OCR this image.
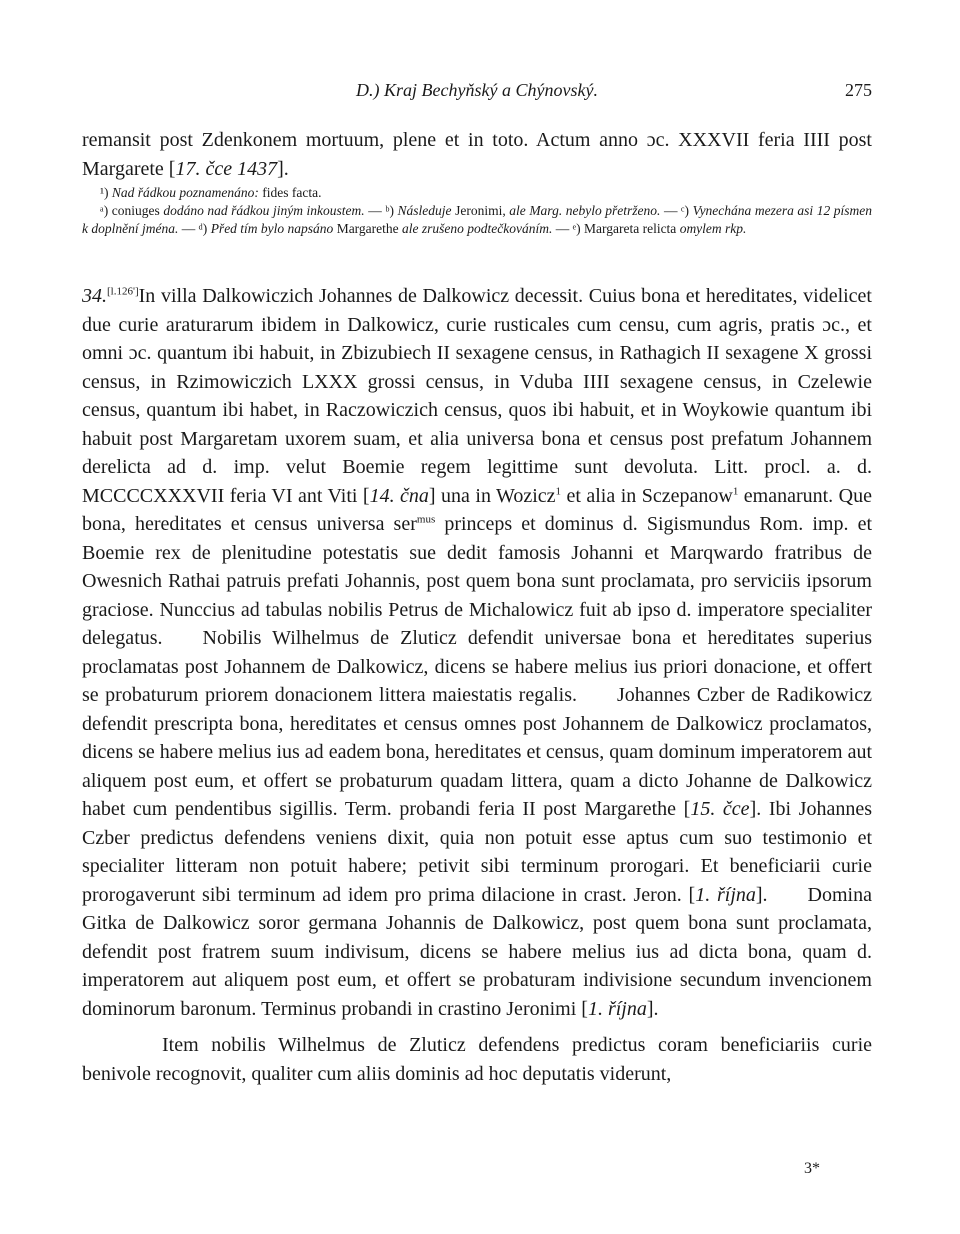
D.) Kraj Bechyňský a Chýnovský.	275
remansit post Zdenkonem mortuum, plene et in toto. Actum anno ɔc. XXXVII feria IIII post Margarete [17. čce 1437].

¹) Nad řádkou poznamenáno: fides facta.

ᵃ) coniuges dodáno nad řádkou jiným inkoustem. — ᵇ) Následuje Jeronimi, ale Marg. nebylo přetrženo. — ᶜ) Vynechána mezera asi 12 písmen k doplnění jména. — ᵈ) Před tím bylo napsáno Margarethe ale zrušeno podtečkováním. — ᵉ) Margareta relicta omylem rkp.

34.[l.126']In villa Dalkowiczich Johannes de Dalkowicz decessit. Cuius bona et hereditates, videlicet due curie araturarum ibidem in Dalkowicz, curie rusticales cum censu, cum agris, pratis ɔc., et omni ɔc. quantum ibi habuit, in Zbizubiech II sexagene census, in Rathagich II sexagene X grossi census, in Rzimowiczich LXXX grossi census, in Vduba IIII sexagene census, in Czelewie census, quantum ibi habet, in Raczowiczich census, quos ibi habuit, et in Woykowie quantum ibi habuit post Margaretam uxorem suam, et alia universa bona et census post prefatum Johannem derelicta ad d. imp. velut Boemie regem legittime sunt devoluta. Litt. procl. a. d. MCCCCXXXVII feria VI ant Viti [14. čna] una in Wozicz$^1$ et alia in Sczepanow$^1$ emanarunt. Que bona, hereditates et census universa ser$^{mus}$ princeps et dominus d. Sigismundus Rom. imp. et Boemie rex de plenitudine potestatis sue dedit famosis Johanni et Marqwardo fratribus de Owesnich Rathai patruis prefati Johannis, post quem bona sunt proclamata, pro serviciis ipsorum graciose. Nunccius ad tabulas nobilis Petrus de Michalowicz fuit ab ipso d. imperatore specialiter delegatus. Nobilis Wilhelmus de Zluticz defendit universae bona et hereditates superius proclamatas post Johannem de Dalkowicz, dicens se habere melius ius priori donacione, et offert se probaturum priorem donacionem littera maiestatis regalis. Johannes Czber de Radikowicz defendit prescripta bona, hereditates et census omnes post Johannem de Dalkowicz proclamatos, dicens se habere melius ius ad eadem bona, hereditates et census, quam dominum imperatorem aut aliquem post eum, et offert se probaturum quadam littera, quam a dicto Johanne de Dalkowicz habet cum pendentibus sigillis. Term. probandi feria II post Margarethe [15. čce]. Ibi Johannes Czber predictus defendens veniens dixit, quia non potuit esse aptus cum suo testimonio et specialiter litteram non potuit habere; petivit sibi terminum prorogari. Et beneficiarii curie prorogaverunt sibi terminum ad idem pro prima dilacione in crast. Jeron. [1. října]. Domina Gitka de Dalkowicz soror germana Johannis de Dalkowicz, post quem bona sunt proclamata, defendit post fratrem suum indivisum, dicens se habere melius ius ad dicta bona, quam d. imperatorem aut aliquem post eum, et offert se probaturam indivisione secundum invencionem dominorum baronum. Terminus probandi in crastino Jeronimi [1. října].

Item nobilis Wilhelmus de Zluticz defendens predictus coram beneficiariis curie benivole recognovit, qualiter cum aliis dominis ad hoc deputatis viderunt,

3*
